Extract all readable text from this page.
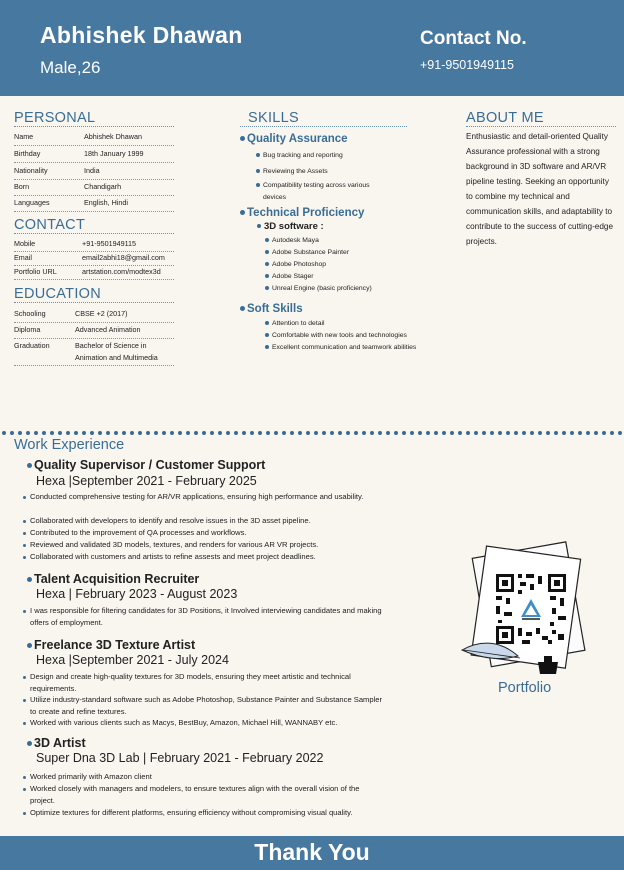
Abhishek Dhawan
Male,26
Contact No.
+91-9501949115
PERSONAL
Name	Abhishek Dhawan
Birthday	18th January 1999
Nationality	India
Born	Chandigarh
Languages	English, Hindi
CONTACT
Mobile	+91-9501949115
Email	email2abhi18@gmail.com
Portfolio URL	artstation.com/modtex3d
EDUCATION
Schooling	CBSE +2 (2017)
Diploma	Advanced Animation
Graduation	Bachelor of Science in
Animation and Multimedia
SKILLS
Quality Assurance
Bug tracking and reporting
Reviewing the Assets
Compatibility testing across various
devices
Technical Proficiency
3D software :
Autodesk Maya
Adobe Substance Painter
Adobe Photoshop
Adobe Stager
Unreal Engine (basic proficiency)
Soft Skills
Attention to detail
Comfortable with new tools and technologies
Excellent communication and teamwork abilities
ABOUT ME
Enthusiastic and detail-oriented Quality Assurance professional with a strong background in 3D software and AR/VR pipeline testing. Seeking an opportunity to combine my technical and communication skills, and adaptability to contribute to the success of cutting-edge projects.
Work Experience
Quality Supervisor / Customer Support
Hexa |September 2021 - February 2025
Conducted comprehensive testing for AR/VR applications, ensuring high performance and usability.
Collaborated with developers to identify and resolve issues in the 3D asset pipeline.
Contributed to the improvement of QA processes and workflows.
Reviewed and validated 3D models, textures, and renders for various AR VR projects.
Collaborated with customers and artists to refine assests and meet project deadlines.
Talent Acquisition Recruiter
Hexa | February 2023 - August 2023
I was responsible for filtering candidates for 3D Positions, it Involved interviewing candidates and making offers of employment.
Freelance 3D Texture Artist
Hexa |September 2021 - July 2024
Design and create high-quality textures for 3D models, ensuring they meet artistic and technical requirements.
Utilize industry-standard software such as Adobe Photoshop, Substance Painter and Substance Sampler to create and refine textures.
Worked with various clients such as Macys, BestBuy, Amazon, Michael Hill, WANNABY etc.
3D Artist
Super Dna 3D Lab | February 2021 - February 2022
Worked primarily with Amazon client
Worked closely with managers and modelers, to ensure textures align with the overall vision of the project.
Optimize textures for different platforms, ensuring efficiency without compromising visual quality.
Portfolio
Thank You
